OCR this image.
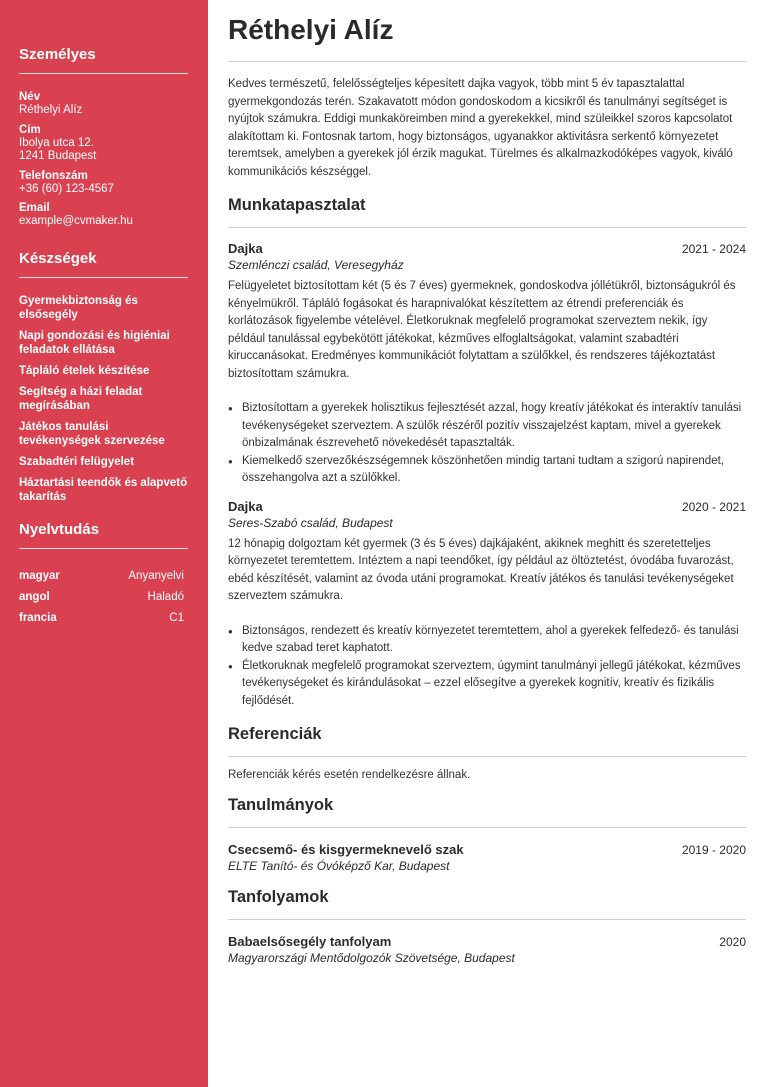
Személyes
Név
Réthelyi Alíz
Cím
Ibolya utca 12.
1241 Budapest
Telefonszám
+36 (60) 123-4567
Email
example@cvmaker.hu
Készségek
Gyermekbiztonság és elsősegély
Napi gondozási és higiéniai feladatok ellátása
Tápláló ételek készítése
Segítség a házi feladat megírásában
Játékos tanulási tevékenységek szervezése
Szabadtéri felügyelet
Háztartási teendők és alapvető takarítás
Nyelvtudás
magyar	Anyanyelvi
angol	Haladó
francia	C1
Réthelyi Alíz
Kedves természetű, felelősségteljes képesített dajka vagyok, több mint 5 év tapasztalattal gyermekgondozás terén. Szakavatott módon gondoskodom a kicsikről és tanulmányi segítséget is nyújtok számukra. Eddigi munkaköreimben mind a gyerekekkel, mind szüleikkel szoros kapcsolatot alakítottam ki. Fontosnak tartom, hogy biztonságos, ugyanakkor aktivitásra serkentő környezetet teremtsek, amelyben a gyerekek jól érzik magukat. Türelmes és alkalmazkodóképes vagyok, kiváló kommunikációs készséggel.
Munkatapasztalat
Dajka	2021 - 2024
Szemlénczi család, Veresegyház
Felügyeletet biztosítottam két (5 és 7 éves) gyermeknek, gondoskodva jóllétükről, biztonságukról és kényelmükről. Tápláló fogásokat és harapnivalókat készítettem az étrendi preferenciák és korlátozások figyelembe vételével. Életkoruknak megfelelő programokat szerveztem nekik, így például tanulással egybekötött játékokat, kézműves elfoglaltságokat, valamint szabadtéri kiruccanásokat. Eredményes kommunikációt folytattam a szülőkkel, és rendszeres tájékoztatást biztosítottam számukra.
● Biztosítottam a gyerekek holisztikus fejlesztését azzal, hogy kreatív játékokat és interaktív tanulási tevékenységeket szerveztem. A szülők részéről pozitív visszajelzést kaptam, mivel a gyerekek önbizalmának észrevehető növekedését tapasztalták.
● Kiemelkedő szervezőkészségemnek köszönhetően mindig tartani tudtam a szigorú napirendet, összehangolva azt a szülőkkel.
Dajka	2020 - 2021
Seres-Szabó család, Budapest
12 hónapig dolgoztam két gyermek (3 és 5 éves) dajkájaként, akiknek meghitt és szeretetteljes környezetet teremtettem. Intéztem a napi teendőket, így például az öltöztetést, óvodába fuvarozást, ebéd készítését, valamint az óvoda utáni programokat. Kreatív játékos és tanulási tevékenységeket szerveztem számukra.
● Biztonságos, rendezett és kreatív környezetet teremtettem, ahol a gyerekek felfedező- és tanulási kedve szabad teret kaphatott.
● Életkoruknak megfelelő programokat szerveztem, úgymint tanulmányi jellegű játékokat, kézműves tevékenységeket és kirándulásokat – ezzel elősegítve a gyerekek kognitív, kreatív és fizikális fejlődését.
Referenciák
Referenciák kérés esetén rendelkezésre állnak.
Tanulmányok
Csecsemő- és kisgyermeknevelő szak	2019 - 2020
ELTE Tanító- és Óvóképző Kar, Budapest
Tanfolyamok
Babaelsősegély tanfolyam	2020
Magyarországi Mentődolgozók Szövetsége, Budapest
